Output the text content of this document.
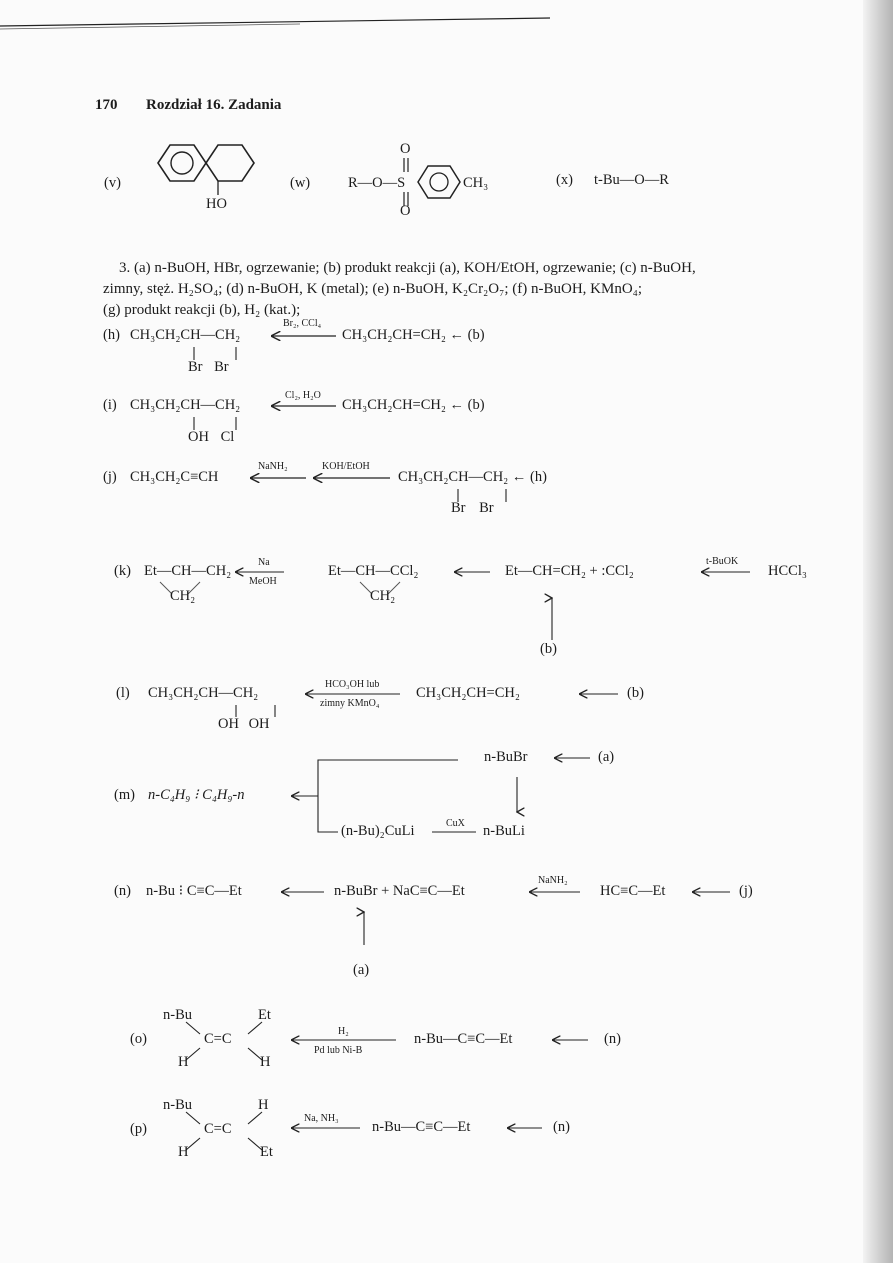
170 Rozdział 16. Zadania
(v)
HO
(w)	R—O—S
O
O
CH₃	(x) t-Bu—O—R
3. (a) n-BuOH, HBr, ogrzewanie; (b) produkt reakcji (a), KOH/EtOH, ogrzewanie; (c) n-BuOH,
zimny, stęż. H₂SO₄; (d) n-BuOH, K (metal); (e) n-BuOH, K₂Cr₂O₇; (f) n-BuOH, KMnO₄;
(g) produkt reakcji (b), H₂ (kat.);
(h) CH₃CH₂CH—CH₂
Br Br
Br₂, CCl₄
CH₃CH₂CH=CH₂ ← (b)
(i) CH₃CH₂CH—CH₂
OH Cl
Cl₂, H₂O
CH₃CH₂CH=CH₂ ← (b)
(j) CH₃CH₂C≡CH
NaNH₂	KOH/EtOH
CH₃CH₂CH—CH₂ ← (h)
Br Br
(k) Et—CH—CH₂
CH₂
Na
MeOH
Et—CH—CCl₂
CH₂
Et—CH=CH₂ + :CCl₂
t-BuOK
HCCl₃
(b)
(l) CH₃CH₂CH—CH₂
OH OH
HCO₃OH lub
zimny KMnO₄
CH₃CH₂CH=CH₂	(b)
(m) n-C₄H₉ ⁝ C₄H₉-n
n-BuBr	(a)
(n-Bu)₂CuLi	CuX n-BuLi
(n) n-Bu ⁝ C≡C—Et	n-BuBr + NaC≡C—Et
NaNH₂
HC≡C—Et	(j)
(a)
(o)
n-Bu	Et
C=C
H	H
H₂
Pd lub Ni-B
n-Bu—C≡C—Et	(n)
(p)
n-Bu	H
C=C
H	Et
Na, NH₃
n-Bu—C≡C—Et	(n)
